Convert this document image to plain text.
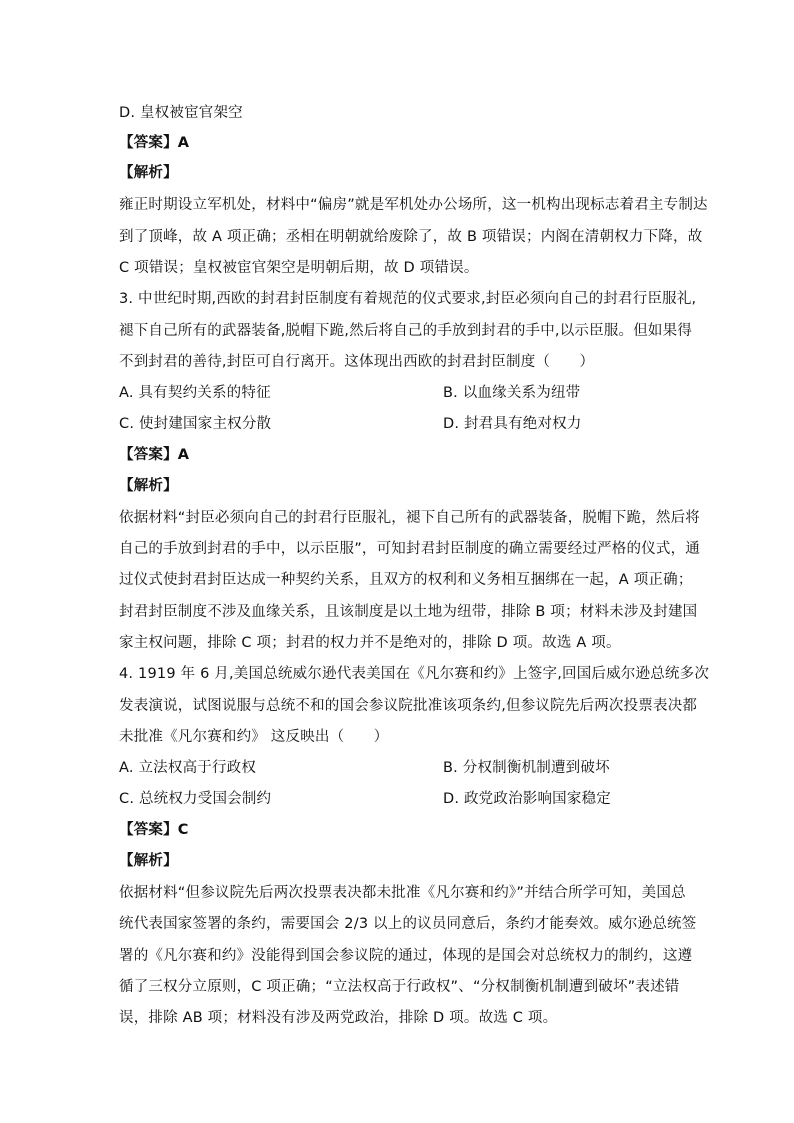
D. 皇权被宦官架空
【答案】A
【解析】
雍正时期设立军机处，材料中“偏房”就是军机处办公场所，这一机构出现标志着君主专制达
到了顶峰，故 A 项正确；丞相在明朝就给废除了，故 B 项错误；内阁在清朝权力下降，故
C 项错误；皇权被宦官架空是明朝后期，故 D 项错误。
3. 中世纪时期,西欧的封君封臣制度有着规范的仪式要求,封臣必须向自己的封君行臣服礼,
褪下自己所有的武器装备,脱帽下跪,然后将自己的手放到封君的手中,以示臣服。但如果得
不到封君的善待,封臣可自行离开。这体现出西欧的封君封臣制度（　　）
A. 具有契约关系的特征	B. 以血缘关系为纽带
C. 使封建国家主权分散	D. 封君具有绝对权力
【答案】A
【解析】
依据材料“封臣必须向自己的封君行臣服礼，褪下自己所有的武器装备，脱帽下跪，然后将
自己的手放到封君的手中，以示臣服”，可知封君封臣制度的确立需要经过严格的仪式，通
过仪式使封君封臣达成一种契约关系，且双方的权利和义务相互捆绑在一起，A 项正确；
封君封臣制度不涉及血缘关系，且该制度是以土地为纽带，排除 B 项；材料未涉及封建国
家主权问题，排除 C 项；封君的权力并不是绝对的，排除 D 项。故选 A 项。
4. 1919 年 6 月,美国总统威尔逊代表美国在《凡尔赛和约》上签字,回国后威尔逊总统多次
发表演说，试图说服与总统不和的国会参议院批准该项条约,但参议院先后两次投票表决都
未批准《凡尔赛和约》 这反映出（　　）
A. 立法权高于行政权	B. 分权制衡机制遭到破坏
C. 总统权力受国会制约	D. 政党政治影响国家稳定
【答案】C
【解析】
依据材料“但参议院先后两次投票表决都未批准《凡尔赛和约》”并结合所学可知，美国总
统代表国家签署的条约，需要国会 2/3 以上的议员同意后，条约才能奏效。威尔逊总统签
署的《凡尔赛和约》没能得到国会参议院的通过，体现的是国会对总统权力的制约，这遵
循了三权分立原则，C 项正确；“立法权高于行政权”、“分权制衡机制遭到破坏”表述错
误，排除 AB 项；材料没有涉及两党政治，排除 D 项。故选 C 项。
